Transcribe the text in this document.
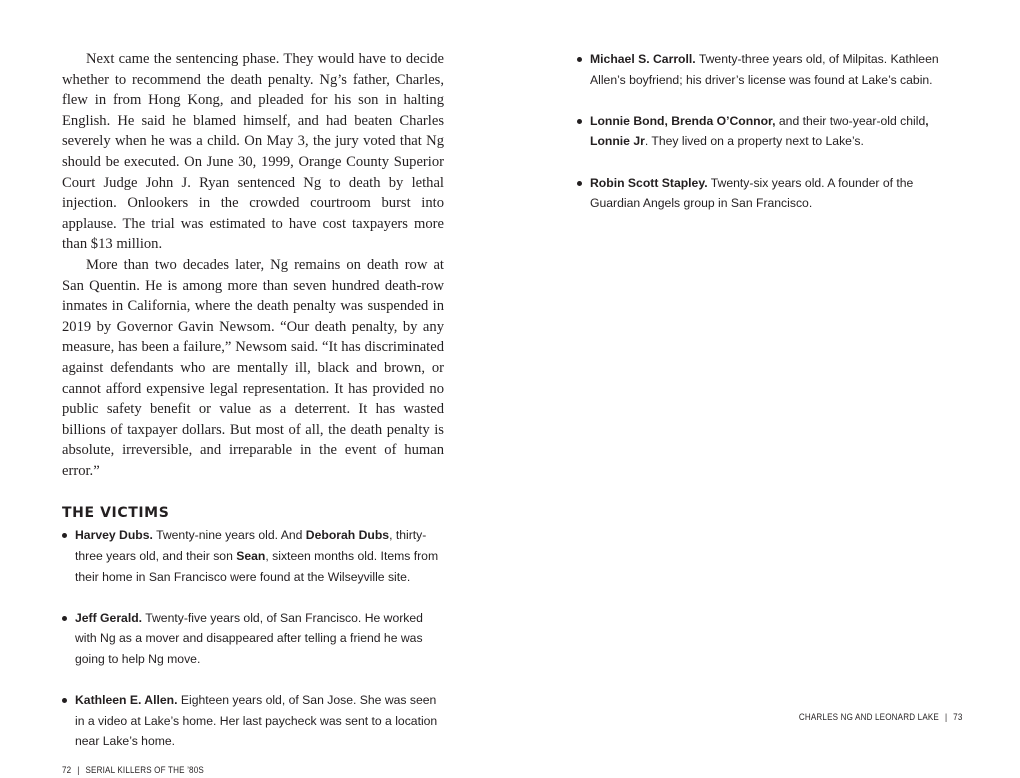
Next came the sentencing phase. They would have to decide whether to recommend the death penalty. Ng’s father, Charles, flew in from Hong Kong, and pleaded for his son in halting English. He said he blamed himself, and had beaten Charles severely when he was a child. On May 3, the jury voted that Ng should be executed. On June 30, 1999, Orange County Superior Court Judge John J. Ryan sentenced Ng to death by lethal injection. Onlookers in the crowded courtroom burst into applause. The trial was estimated to have cost taxpayers more than $13 million.

More than two decades later, Ng remains on death row at San Quentin. He is among more than seven hundred death-row inmates in California, where the death penalty was suspended in 2019 by Governor Gavin Newsom. “Our death penalty, by any measure, has been a failure,” Newsom said. “It has discriminated against defendants who are mentally ill, black and brown, or cannot afford expensive legal representation. It has provided no public safety benefit or value as a deterrent. It has wasted billions of taxpayer dollars. But most of all, the death penalty is absolute, irreversible, and irreparable in the event of human error.”

THE VICTIMS
Harvey Dubs. Twenty-nine years old. And Deborah Dubs, thirty-three years old, and their son Sean, sixteen months old. Items from their home in San Francisco were found at the Wilseyville site.
Jeff Gerald. Twenty-five years old, of San Francisco. He worked with Ng as a mover and disappeared after telling a friend he was going to help Ng move.
Kathleen E. Allen. Eighteen years old, of San Jose. She was seen in a video at Lake’s home. Her last paycheck was sent to a location near Lake’s home.
72 | SERIAL KILLERS OF THE ’80S
Michael S. Carroll. Twenty-three years old, of Milpitas. Kathleen Allen’s boyfriend; his driver’s license was found at Lake’s cabin.
Lonnie Bond, Brenda O’Connor, and their two-year-old child, Lonnie Jr. They lived on a property next to Lake’s.
Robin Scott Stapley. Twenty-six years old. A founder of the Guardian Angels group in San Francisco.
CHARLES NG AND LEONARD LAKE | 73
